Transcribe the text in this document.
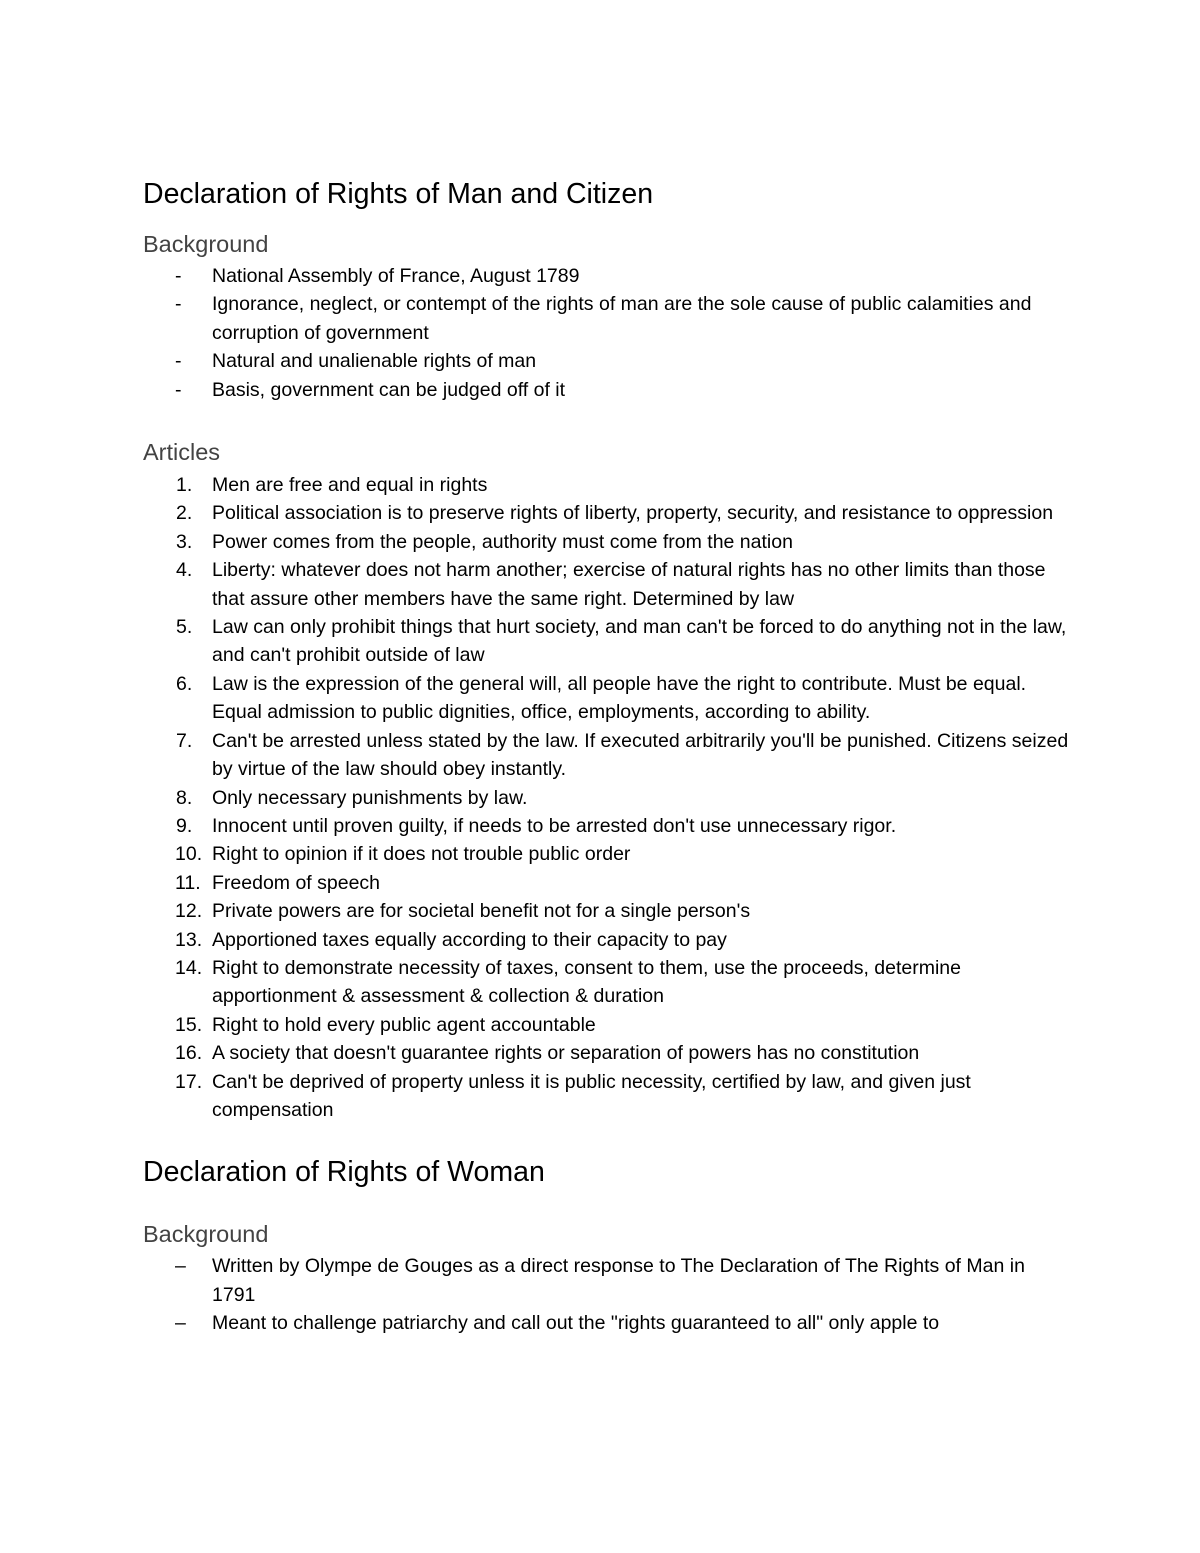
Declaration of Rights of Man and Citizen
Background
-	National Assembly of France, August 1789
-	Ignorance, neglect, or contempt of the rights of man are the sole cause of public calamities and corruption of government
-	Natural and unalienable rights of man
-	Basis, government can be judged off of it
Articles
1.	Men are free and equal in rights
2.	Political association is to preserve rights of liberty, property, security, and resistance to oppression
3.	Power comes from the people, authority must come from the nation
4.	Liberty: whatever does not harm another; exercise of natural rights has no other limits than those that assure other members have the same right. Determined by law
5.	Law can only prohibit things that hurt society, and man can't be forced to do anything not in the law, and can't prohibit outside of law
6.	Law is the expression of the general will, all people have the right to contribute. Must be equal. Equal admission to public dignities, office, employments, according to ability.
7.	Can't be arrested unless stated by the law. If executed arbitrarily you'll be punished. Citizens seized by virtue of the law should obey instantly.
8.	Only necessary punishments by law.
9.	Innocent until proven guilty, if needs to be arrested don't use unnecessary rigor.
10. Right to opinion if it does not trouble public order
11. Freedom of speech
12. Private powers are for societal benefit not for a single person's
13. Apportioned taxes equally according to their capacity to pay
14. Right to demonstrate necessity of taxes, consent to them, use the proceeds, determine apportionment & assessment & collection & duration
15. Right to hold every public agent accountable
16. A society that doesn't guarantee rights or separation of powers has no constitution
17. Can't be deprived of property unless it is public necessity, certified by law, and given just compensation
Declaration of Rights of Woman
Background
–	Written by Olympe de Gouges as a direct response to The Declaration of The Rights of Man in 1791
–	Meant to challenge patriarchy and call out the "rights guaranteed to all" only apple to
